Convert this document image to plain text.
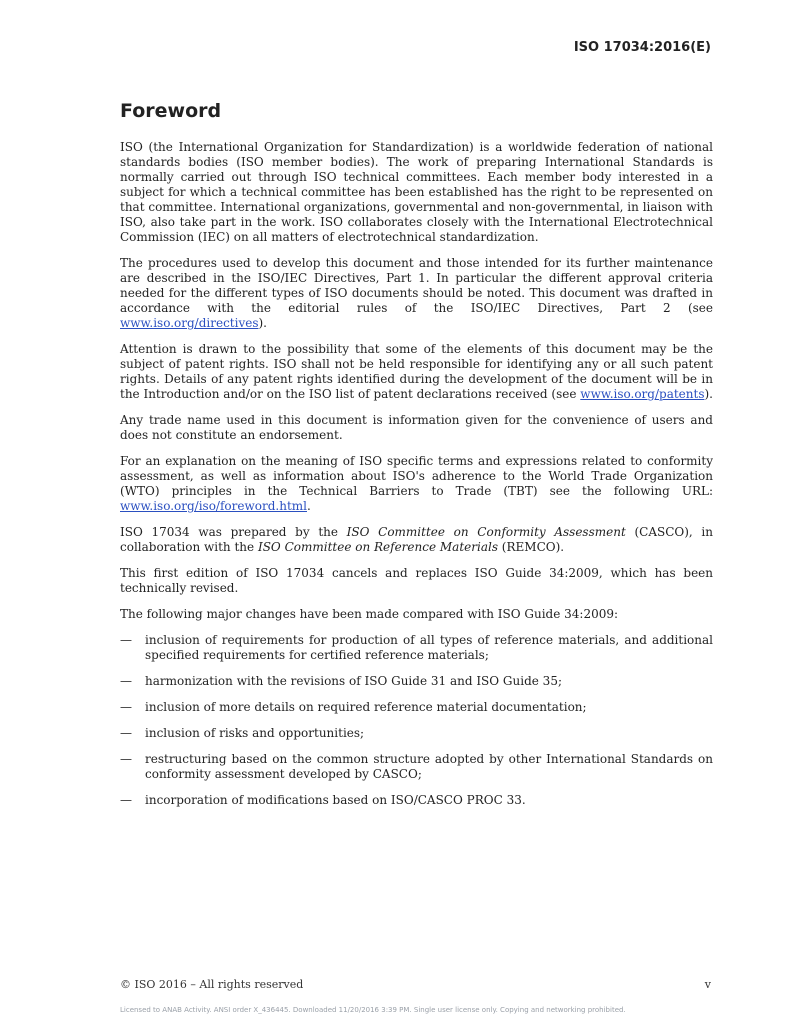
ISO 17034:2016(E)
Foreword

ISO (the International Organization for Standardization) is a worldwide federation of national standards bodies (ISO member bodies). The work of preparing International Standards is normally carried out through ISO technical committees. Each member body interested in a subject for which a technical committee has been established has the right to be represented on that committee. International organizations, governmental and non-governmental, in liaison with ISO, also take part in the work. ISO collaborates closely with the International Electrotechnical Commission (IEC) on all matters of electrotechnical standardization.

The procedures used to develop this document and those intended for its further maintenance are described in the ISO/IEC Directives, Part 1. In particular the different approval criteria needed for the different types of ISO documents should be noted. This document was drafted in accordance with the editorial rules of the ISO/IEC Directives, Part 2 (see www.iso.org/directives).

Attention is drawn to the possibility that some of the elements of this document may be the subject of patent rights. ISO shall not be held responsible for identifying any or all such patent rights. Details of any patent rights identified during the development of the document will be in the Introduction and/or on the ISO list of patent declarations received (see www.iso.org/patents).

Any trade name used in this document is information given for the convenience of users and does not constitute an endorsement.

For an explanation on the meaning of ISO specific terms and expressions related to conformity assessment, as well as information about ISO's adherence to the World Trade Organization (WTO) principles in the Technical Barriers to Trade (TBT) see the following URL: www.iso.org/iso/foreword.html.

ISO 17034 was prepared by the ISO Committee on Conformity Assessment (CASCO), in collaboration with the ISO Committee on Reference Materials (REMCO).

This first edition of ISO 17034 cancels and replaces ISO Guide 34:2009, which has been technically revised.

The following major changes have been made compared with ISO Guide 34:2009:

— inclusion of requirements for production of all types of reference materials, and additional specified requirements for certified reference materials;
— harmonization with the revisions of ISO Guide 31 and ISO Guide 35;
— inclusion of more details on required reference material documentation;
— inclusion of risks and opportunities;
— restructuring based on the common structure adopted by other International Standards on conformity assessment developed by CASCO;
— incorporation of modifications based on ISO/CASCO PROC 33.
© ISO 2016 – All rights reserved	v
Licensed to ANAB Activity. ANSI order X_436445. Downloaded 11/20/2016 3:39 PM. Single user license only. Copying and networking prohibited.
